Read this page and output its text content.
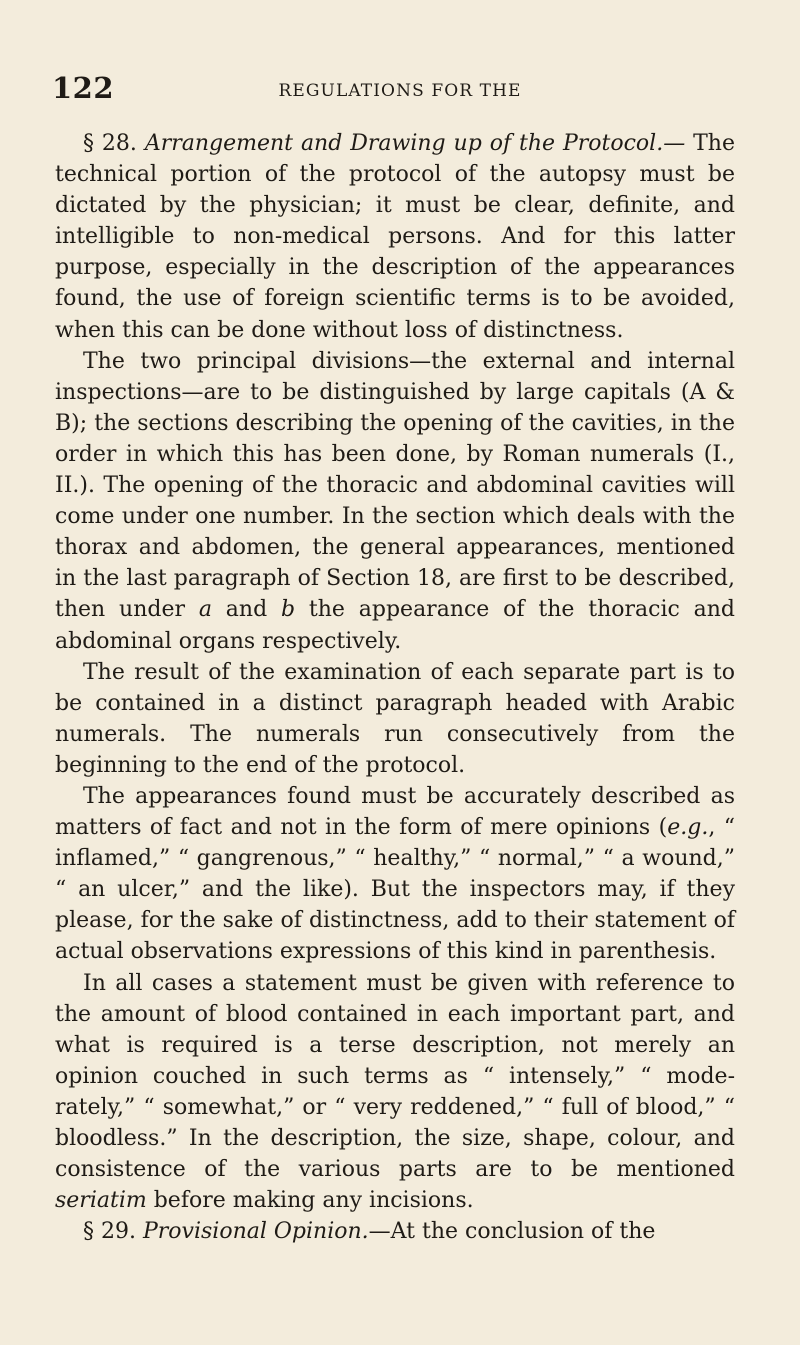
122	REGULATIONS FOR THE

§ 28. Arrangement and Drawing up of the Protocol.— The technical portion of the protocol of the autopsy must be dictated by the physician; it must be clear, definite, and intelligible to non-medical persons. And for this latter purpose, especially in the description of the appearances found, the use of foreign scientific terms is to be avoided, when this can be done without loss of distinctness.

The two principal divisions—the external and internal inspections—are to be distinguished by large capitals (A & B); the sections describing the opening of the cavities, in the order in which this has been done, by Roman numerals (I., II.). The opening of the thoracic and abdominal cavities will come under one number. In the section which deals with the thorax and abdomen, the general appearances, mentioned in the last paragraph of Section 18, are first to be described, then under a and b the appearance of the thoracic and abdominal organs respectively.

The result of the examination of each separate part is to be contained in a distinct paragraph headed with Arabic numerals. The numerals run consecutively from the beginning to the end of the protocol.

The appearances found must be accurately described as matters of fact and not in the form of mere opinions (e.g., “ inflamed,” “ gangrenous,” “ healthy,” “ normal,” “ a wound,” “ an ulcer,” and the like). But the inspectors may, if they please, for the sake of distinctness, add to their statement of actual observations expressions of this kind in parenthesis.

In all cases a statement must be given with reference to the amount of blood contained in each important part, and what is required is a terse description, not merely an opinion couched in such terms as “ intensely,” “ moderately,” “ somewhat,” or “ very reddened,” “ full of blood,” “ bloodless.” In the description, the size, shape, colour, and consistence of the various parts are to be mentioned seriatim before making any incisions.

§ 29. Provisional Opinion.—At the conclusion of the
